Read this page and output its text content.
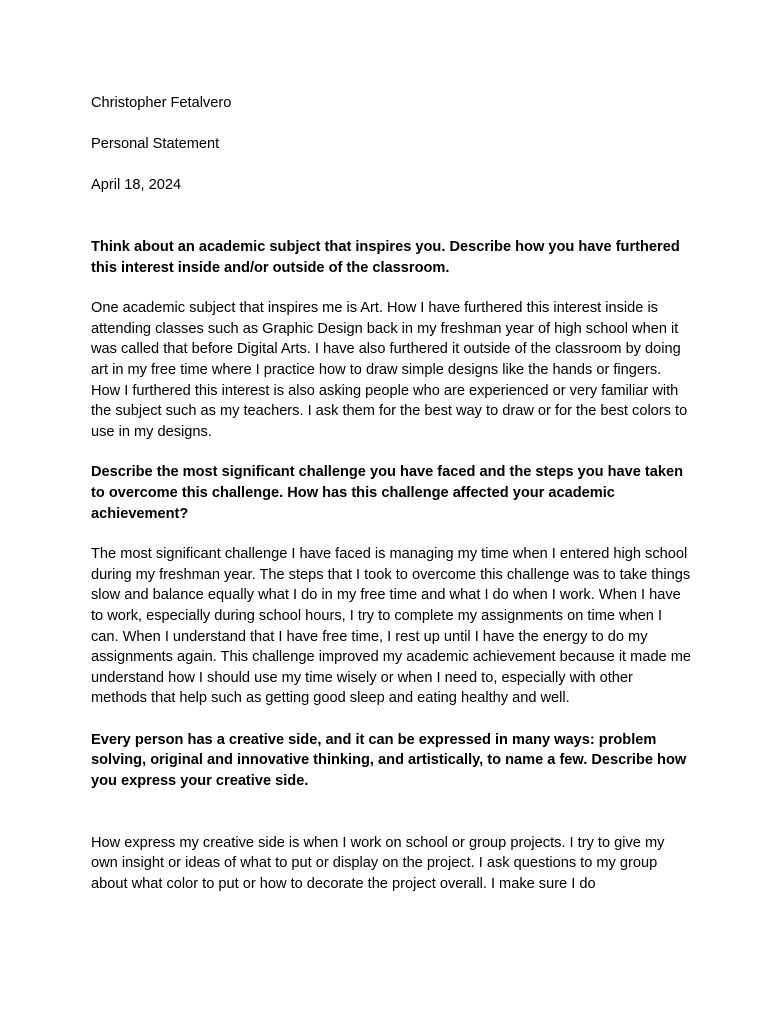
Christopher Fetalvero
Personal Statement
April 18, 2024
Think about an academic subject that inspires you. Describe how you have furthered this interest inside and/or outside of the classroom.
One academic subject that inspires me is Art. How I have furthered this interest inside is attending classes such as Graphic Design back in my freshman year of high school when it was called that before Digital Arts. I have also furthered it outside of the classroom by doing art in my free time where I practice how to draw simple designs like the hands or fingers. How I furthered this interest is also asking people who are experienced or very familiar with the subject such as my teachers. I ask them for the best way to draw or for the best colors to use in my designs.
Describe the most significant challenge you have faced and the steps you have taken to overcome this challenge. How has this challenge affected your academic achievement?
The most significant challenge I have faced is managing my time when I entered high school during my freshman year. The steps that I took to overcome this challenge was to take things slow and balance equally what I do in my free time and what I do when I work. When I have to work, especially during school hours, I try to complete my assignments on time when I can. When I understand that I have free time, I rest up until I have the energy to do my assignments again. This challenge improved my academic achievement because it made me understand how I should use my time wisely or when I need to, especially with other methods that help such as getting good sleep and eating healthy and well.
Every person has a creative side, and it can be expressed in many ways: problem solving, original and innovative thinking, and artistically, to name a few. Describe how you express your creative side.
How express my creative side is when I work on school or group projects. I try to give my own insight or ideas of what to put or display on the project. I ask questions to my group about what color to put or how to decorate the project overall. I make sure I do
